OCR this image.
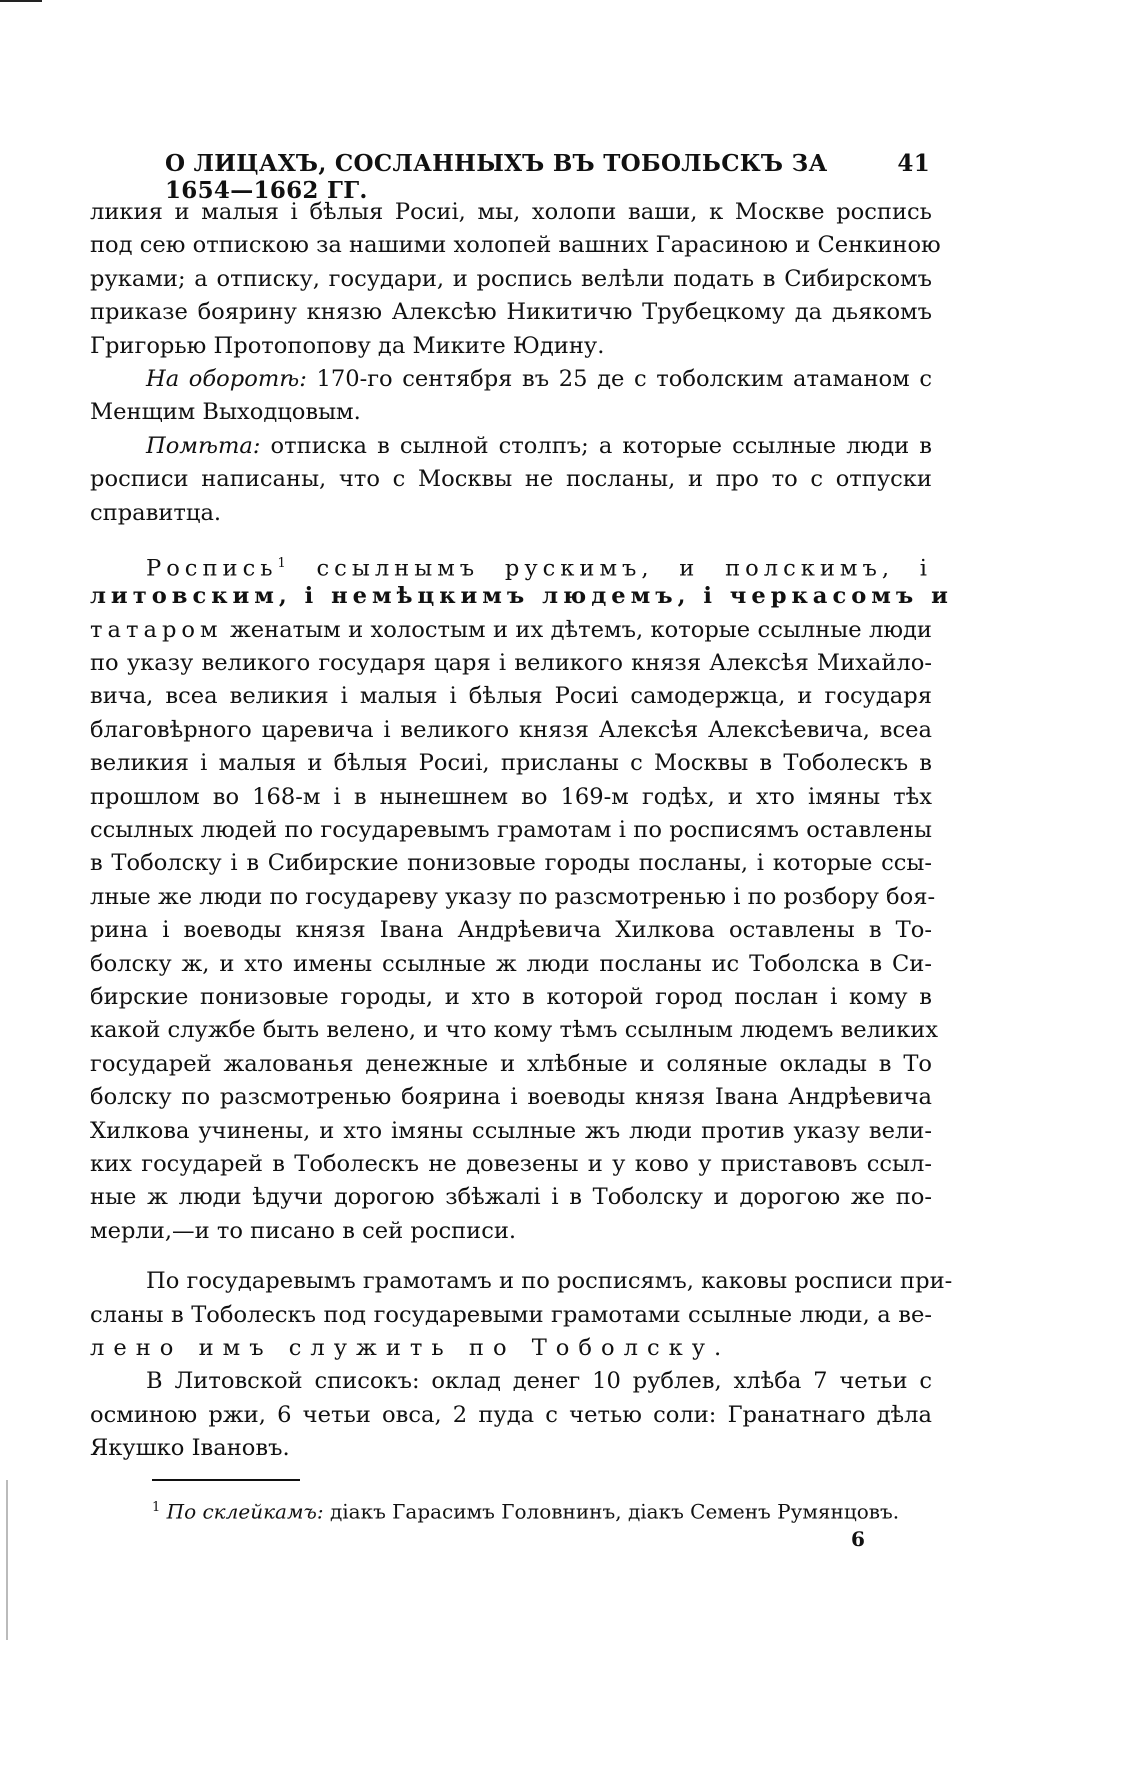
О ЛИЦАХЪ, СОСЛАННЫХЪ ВЪ ТОБОЛЬСКЪ ЗА 1654—1662 ГГ.
41
ликия и малыя і бѣлыя Росиі, мы, холопи ваши, к Москве роспись
под сею отпискою за нашими холопей вашних Гарасиною и Сенкиною
руками; а отписку, государи, и роспись велѣли подать в Сибирскомъ
прикaзе боярину князю Алексѣю Никитичю Трубецкому да дьякомъ
Григорью Протопопову да Миките Юдину.
На оборотѣ: 170-го сентября въ 25 де с тоболским атаманом с
Менщим Выходцовым.
Помѣта: отписка в сылной столпъ; а которые ссылные люди в
росписи написаны, что с Москвы не посланы, и про то с отпуски
справитца.
Роспись$^1$ ссылнымъ рускимъ, и полскимъ, і
литовским, і немѣцкимъ людемъ, і черкасомъ и
татаром женатым и холостым и их дѣтемъ, которые ссылные люди
по указу великого государя царя і великого князя Алексѣя Михайло-
вича, всеа великия і малыя і бѣлыя Росиі самодержца, и государя
благовѣрного царевича і великого князя Алексѣя Алексѣевича, всеа
великия і малыя и бѣлыя Росиі, присланы с Москвы в Тоболескъ в
прошлом во 168-м і в нынешнем во 169-м годѣх, и хто імяны тѣх
ссылных людей по государевымъ грамотам і по росписямъ оставлены
в Тоболску і в Сибирские понизовые городы посланы, і которые ссы-
лные же люди по государеву указу по разсмотренью і по розбору боя-
рина і воеводы князя Івана Андрѣевича Хилкова оставлены в То-
болску ж, и хто имены ссылные ж люди посланы ис Тоболска в Си-
бирские понизовые городы, и хто в которой город послан і кому в
какой службе быть велено, и что кому тѣмъ ссылным людемъ великих
государей жалованья денежные и хлѣбные и соляные оклады в То
болску по разсмотренью боярина і воеводы князя Івана Андрѣевича
Хилкова учинены, и хто імяны ссылные жъ люди против указу вели-
ких государей в Тоболескъ не довезены и у ково у приставовъ ссыл-
ные ж люди ѣдучи дорогою збѣжалі і в Тоболску и дорогою же по-
мерли,—и то писано в сей росписи.
По государевымъ грамотамъ и по росписямъ, каковы росписи при-
сланы в Тоболескъ под государевыми грамотами ссылные люди, а ве-
лено имъ служить по Тоболску.
В Литовской списокъ: оклад денег 10 рублев, хлѣба 7 четьи с
осминою ржи, 6 четьи овса, 2 пуда с четью соли: Гранатнаго дѣла
Якушко Івановъ.
$^1$ По склейкамъ: діакъ Гарасимъ Головнинъ, діакъ Семенъ Румянцовъ.
6
